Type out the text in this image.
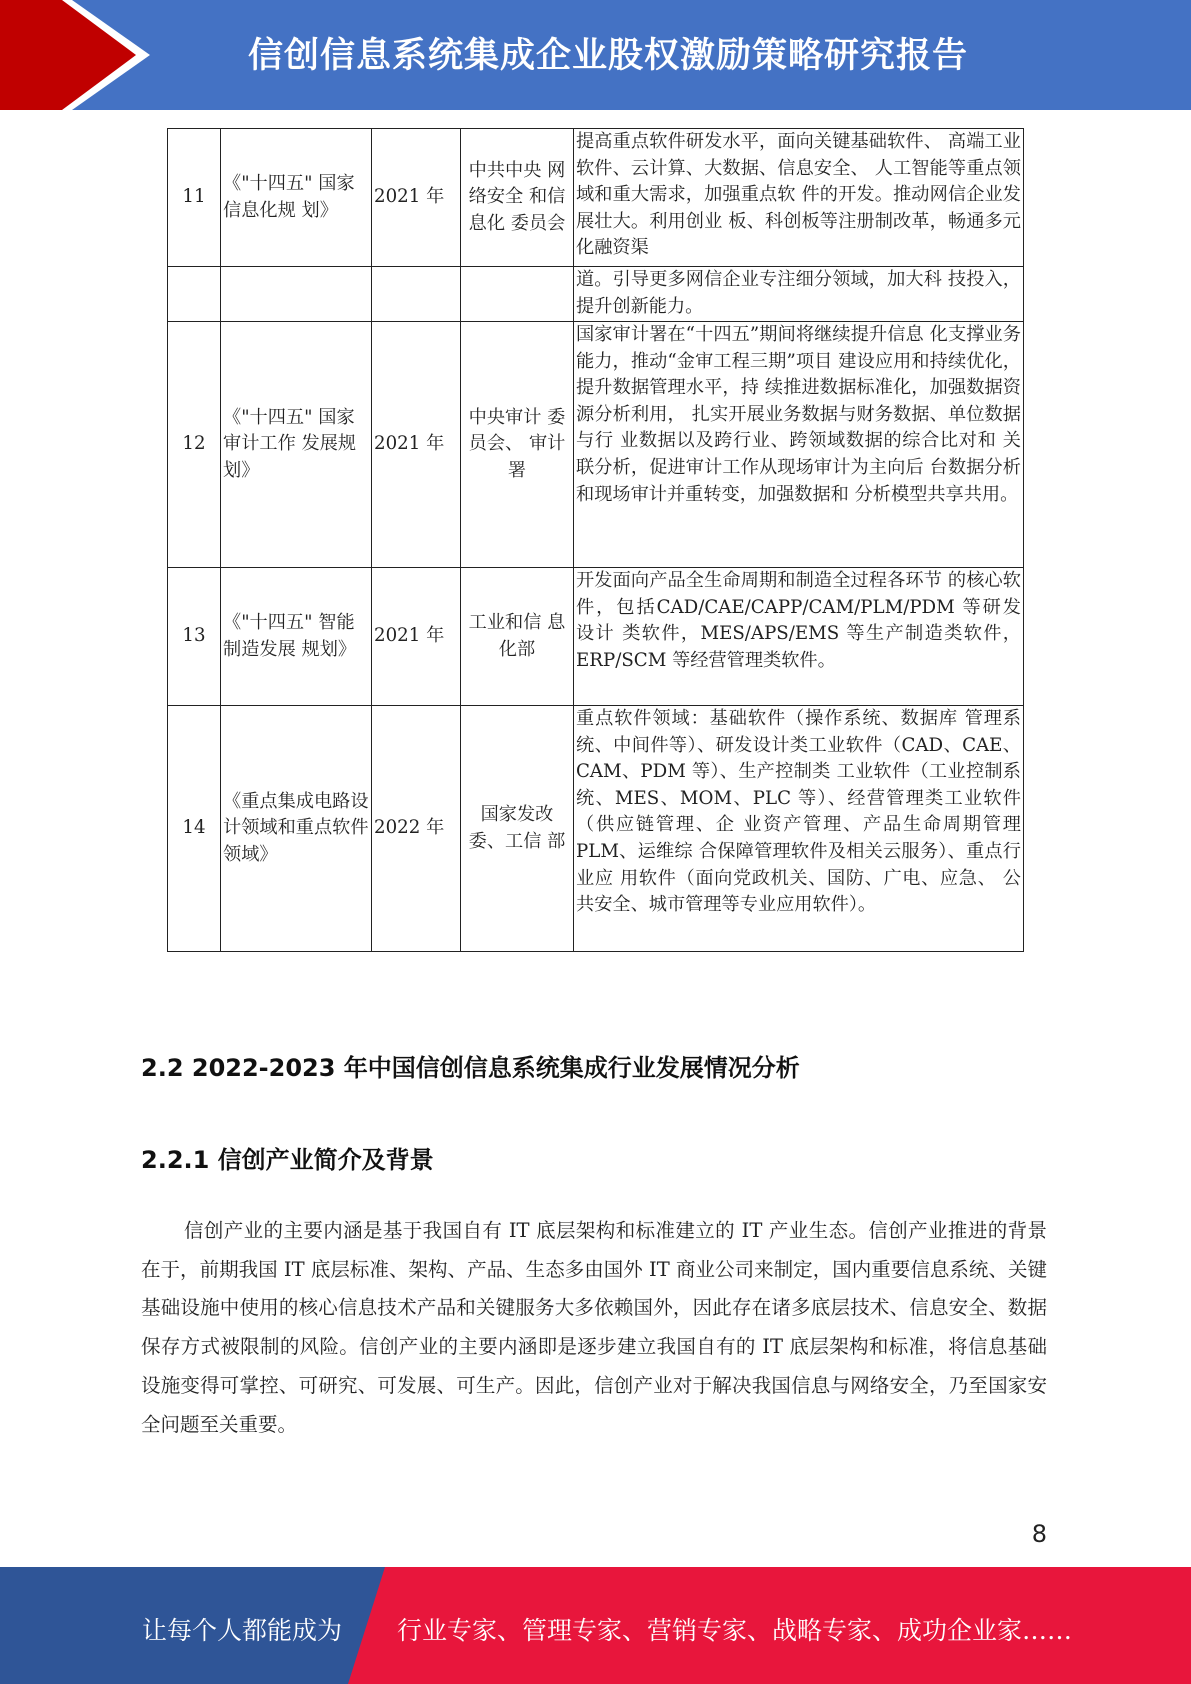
信创信息系统集成企业股权激励策略研究报告
11	《"十四五" 国家信息化规 划》	2021 年	中共中央 网络安全 和信息化 委员会	提高重点软件研发水平，面向关键基础软件、 高端工业软件、云计算、大数据、信息安全、 人工智能等重点领域和重大需求，加强重点软 件的开发。推动网信企业发展壮大。利用创业 板、科创板等注册制改革，畅通多元化融资渠
				道。引导更多网信企业专注细分领域，加大科 技投入，提升创新能力。
12	《"十四五" 国家审计工作 发展规划》	2021 年	中央审计 委员会、 审计署	国家审计署在“十四五”期间将继续提升信息 化支撑业务能力，推动“金审工程三期”项目 建设应用和持续优化，提升数据管理水平，持 续推进数据标准化，加强数据资源分析利用， 扎实开展业务数据与财务数据、单位数据与行 业数据以及跨行业、跨领域数据的综合比对和 关联分析，促进审计工作从现场审计为主向后 台数据分析和现场审计并重转变，加强数据和 分析模型共享共用。
13	《"十四五" 智能制造发展 规划》	2021 年	工业和信 息化部	开发面向产品全生命周期和制造全过程各环节 的核心软件，包括CAD/CAE/CAPP/CAM/PLM/PDM 等研发设计 类软件，MES/APS/EMS 等生产制造类软件， ERP/SCM 等经营管理类软件。
14	《重点集成电路设计领域和重点软件领域》	2022 年	国家发改委、工信 部	重点软件领域：基础软件（操作系统、数据库 管理系统、中间件等）、研发设计类工业软件（CAD、CAE、CAM、PDM 等）、生产控制类 工业软件（工业控制系统、MES、MOM、PLC 等）、经营管理类工业软件（供应链管理、企 业资产管理、产品生命周期管理 PLM、运维综 合保障管理软件及相关云服务）、重点行业应 用软件（面向党政机关、国防、广电、应急、 公共安全、城市管理等专业应用软件）。
2.2 2022-2023 年中国信创信息系统集成行业发展情况分析
2.2.1 信创产业简介及背景

信创产业的主要内涵是基于我国自有 IT 底层架构和标准建立的 IT 产业生态。信创产业推进的背景在于，前期我国 IT 底层标准、架构、产品、生态多由国外 IT 商业公司来制定，国内重要信息系统、关键基础设施中使用的核心信息技术产品和关键服务大多依赖国外，因此存在诸多底层技术、信息安全、数据保存方式被限制的风险。信创产业的主要内涵即是逐步建立我国自有的 IT 底层架构和标准，将信息基础设施变得可掌控、可研究、可发展、可生产。因此，信创产业对于解决我国信息与网络安全，乃至国家安全问题至关重要。

8
让每个人都能成为 行业专家、管理专家、营销专家、战略专家、成功企业家……
